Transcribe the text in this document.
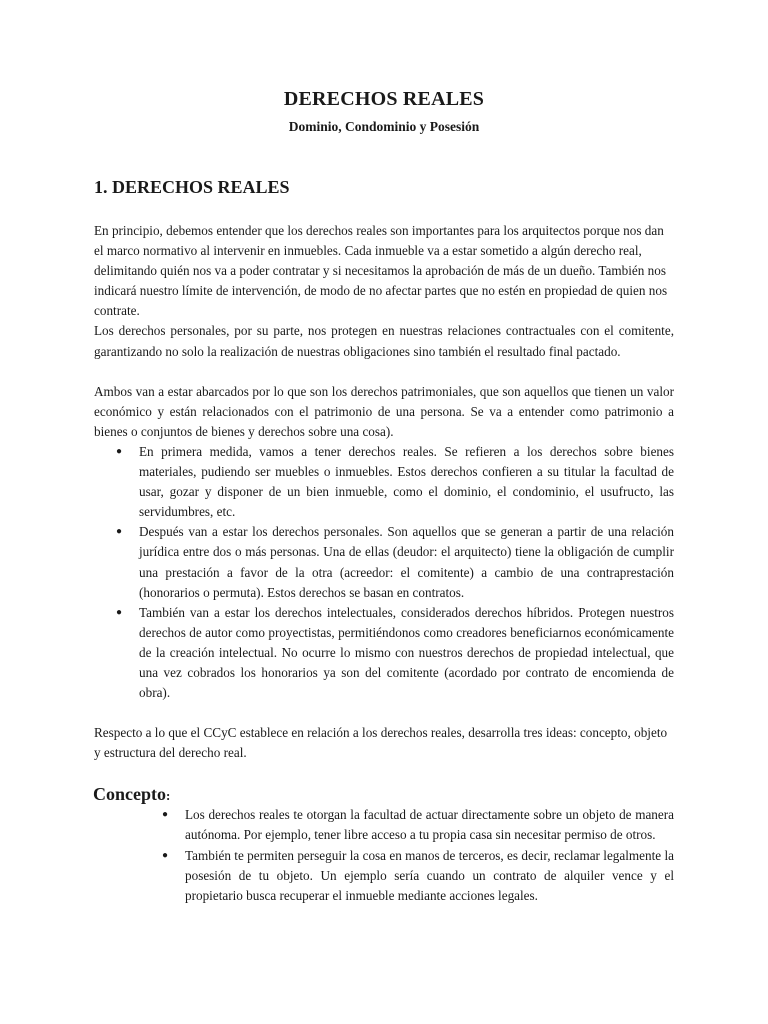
DERECHOS REALES
Dominio, Condominio y Posesión
1. DERECHOS REALES

En principio, debemos entender que los derechos reales son importantes para los arquitectos porque nos dan el marco normativo al intervenir en inmuebles. Cada inmueble va a estar sometido a algún derecho real, delimitando quién nos va a poder contratar y si necesitamos la aprobación de más de un dueño. También nos indicará nuestro límite de intervención, de modo de no afectar partes que no estén en propiedad de quien nos contrate.

Los derechos personales, por su parte, nos protegen en nuestras relaciones contractuales con el comitente, garantizando no solo la realización de nuestras obligaciones sino también el resultado final pactado.

Ambos van a estar abarcados por lo que son los derechos patrimoniales, que son aquellos que tienen un valor económico y están relacionados con el patrimonio de una persona. Se va a entender como patrimonio a bienes o conjuntos de bienes y derechos sobre una cosa).

● En primera medida, vamos a tener derechos reales. Se refieren a los derechos sobre bienes materiales, pudiendo ser muebles o inmuebles. Estos derechos confieren a su titular la facultad de usar, gozar y disponer de un bien inmueble, como el dominio, el condominio, el usufructo, las servidumbres, etc.
● Después van a estar los derechos personales. Son aquellos que se generan a partir de una relación jurídica entre dos o más personas. Una de ellas (deudor: el arquitecto) tiene la obligación de cumplir una prestación a favor de la otra (acreedor: el comitente) a cambio de una contraprestación (honorarios o permuta). Estos derechos se basan en contratos.
● También van a estar los derechos intelectuales, considerados derechos híbridos. Protegen nuestros derechos de autor como proyectistas, permitiéndonos como creadores beneficiarnos económicamente de la creación intelectual. No ocurre lo mismo con nuestros derechos de propiedad intelectual, que una vez cobrados los honorarios ya son del comitente (acordado por contrato de encomienda de obra).

Respecto a lo que el CCyC establece en relación a los derechos reales, desarrolla tres ideas: concepto, objeto y estructura del derecho real.

Concepto:
● Los derechos reales te otorgan la facultad de actuar directamente sobre un objeto de manera autónoma. Por ejemplo, tener libre acceso a tu propia casa sin necesitar permiso de otros.
● También te permiten perseguir la cosa en manos de terceros, es decir, reclamar legalmente la posesión de tu objeto. Un ejemplo sería cuando un contrato de alquiler vence y el propietario busca recuperar el inmueble mediante acciones legales.
